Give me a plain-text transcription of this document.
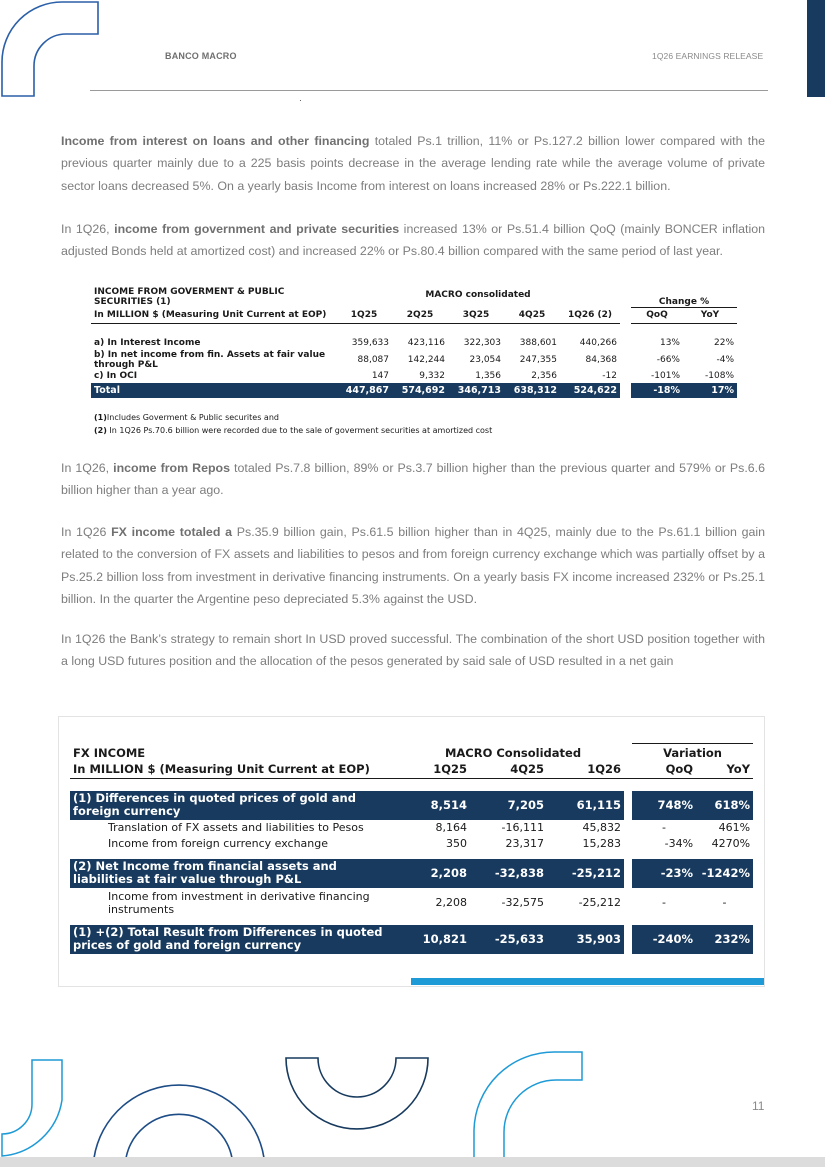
BANCO MACRO	1Q26 EARNINGS RELEASE
Income from interest on loans and other financing totaled Ps.1 trillion, 11% or Ps.127.2 billion lower compared with the previous quarter mainly due to a 225 basis points decrease in the average lending rate while the average volume of private sector loans decreased 5%. On a yearly basis Income from interest on loans increased 28% or Ps.222.1 billion.
In 1Q26, income from government and private securities increased 13% or Ps.51.4 billion QoQ (mainly BONCER inflation adjusted Bonds held at amortized cost) and increased 22% or Ps.80.4 billion compared with the same period of last year.
INCOME FROM GOVERMENT & PUBLIC SECURITIES (1)	MACRO consolidated						Change %	
In MILLION $ (Measuring Unit Current at EOP)	1Q25	2Q25	3Q25	4Q25	1Q26 (2)		QoQ	YoY

a) In Interest Income	359,633	423,116	322,303	388,601	440,266		13%	22%
b) In net income from fin. Assets at fair value through P&L	88,087	142,244	23,054	247,355	84,368		-66%	-4%
c) In OCI	147	9,332	1,356	2,356	-12		-101%	-108%
Total	447,867	574,692	346,713	638,312	524,622		-18%	17%

(1)Includes Goverment & Public securites and								
(2) In 1Q26 Ps.70.6 billion were recorded due to the sale of goverment securities at amortized cost								
In 1Q26, income from Repos totaled Ps.7.8 billion, 89% or Ps.3.7 billion higher than the previous quarter and 579% or Ps.6.6 billion higher than a year ago.
In 1Q26 FX income totaled a Ps.35.9 billion gain, Ps.61.5 billion higher than in 4Q25, mainly due to the Ps.61.1 billion gain related to the conversion of FX assets and liabilities to pesos and from foreign currency exchange which was partially offset by a Ps.25.2 billion loss from investment in derivative financing instruments. On a yearly basis FX income increased 232% or Ps.25.1 billion. In the quarter the Argentine peso depreciated 5.3% against the USD.
In 1Q26 the Bank’s strategy to remain short In USD proved successful. The combination of the short USD position together with a long USD futures position and the allocation of the pesos generated by said sale of USD resulted in a net gain
FX INCOME	MACRO Consolidated				Variation	
In MILLION $ (Measuring Unit Current at EOP)	1Q25	4Q25	1Q26		QoQ	YoY

(1) Differences in quoted prices of gold and foreign currency	8,514	7,205	61,115		748%	618%
Translation of FX assets and liabilities to Pesos	8,164	-16,111	45,832		-	461%
Income from foreign currency exchange	350	23,317	15,283		-34%	4270%

(2) Net Income from financial assets and liabilities at fair value through P&L	2,208	-32,838	-25,212		-23%	-1242%
Income from investment in derivative financing instruments	2,208	-32,575	-25,212		-	-

(1) +(2) Total Result from Differences in quoted prices of gold and foreign currency	10,821	-25,633	35,903		-240%	232%
11
